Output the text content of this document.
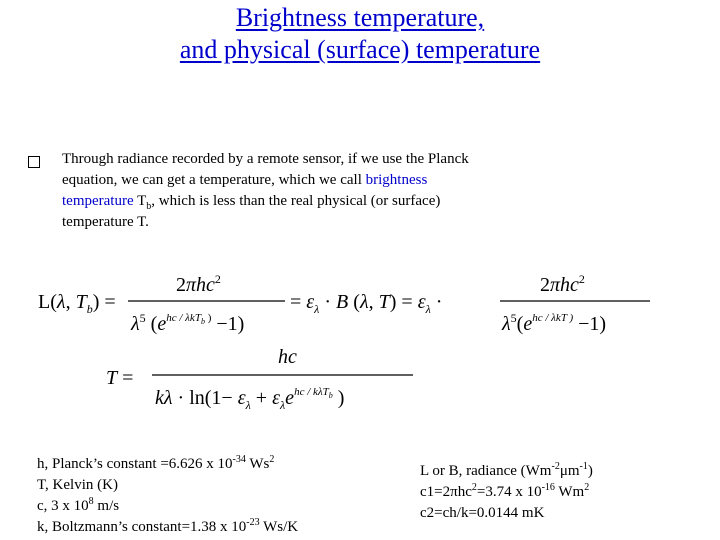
Brightness temperature,
and physical (surface) temperature
Through radiance recorded by a remote sensor, if we use the Planck equation, we can get a temperature, which we call brightness temperature $T_b$, which is less than the real physical (or surface) temperature T.
L(λ, $T_b$) =
2πhc$^2$
$\lambda^5$ ($e^{hc / \lambda kT}b$ ) −1)
= $\varepsilon_\lambda \cdot B$ (λ, $T) = \varepsilon_\lambda$ ·
2πhc$^2$
$\lambda^5(e^{hc / \lambda kT )} -1)$
hc
T =
$k\lambda \cdot \ln(1- \varepsilon_\lambda + \varepsilon_\lambda e^{hc / k\lambda T}b$ )
h, Planck’s constant =6.626 x $10^{-34}$ Ws$^2$
T, Kelvin (K)
c, 3 x $10^8$ m/s
k, Boltzmann’s constant=1.38 x $10^{-23}$ Ws/K
L or B, radiance $(Wm^{-2}\mu m^{-1})$
c1=2πhc$^2$=3.74 x $10^{-16}$ Wm$^2$
c2=ch/k=0.0144 mK
